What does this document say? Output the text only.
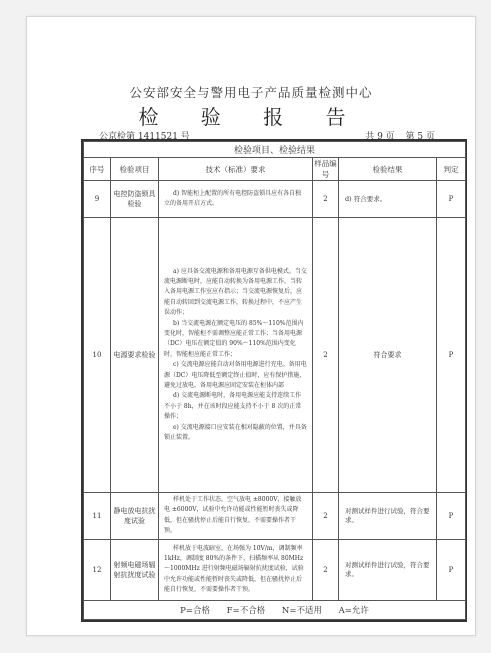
公安部安全与警用电子产品质量检测中心
检 验 报 告
公京检第 1411521 号	共 9 页 第 5 页
检验项目、检验结果					
序号	检验项目	技术（标准）要求	样品编号	检验结果	判定
9	电控防盗锁具检验	d) 智能柜上配置的所有电控防盗锁具应有各自独立的备用开启方式。	2	d) 符合要求。	P
10	电源要求检验	a) 应具备交流电源和备用电源互备供电模式。当交流电源断电时，应能自动转换为备用电源工作，当转入备用电源工作室应有指示；当交流电源恢复后，应能自动转回到交流电源工作，转换过程中，不应产生误动作；

b) 当交流电源在额定电压的 85%～110%范围内变化时，智能柜不需调整应能正常工作；当备用电源（DC）电压在额定值的 90%～110%范围内变化时，智能柜应能正常工作；

c) 交流电源应能自动对备用电源进行充电。备用电源（DC）电压降低至额定终止值时，应有保护措施，避免过放电。备用电源应固定安装在柜体内部

d) 交流电源断电时，备用电源应能支持连续工作不小于 8h，并在该时段应能支持不小于 8 次的正常操作；

e) 交流电源接口应安装在相对隐蔽的位置，并具备锁止装置。	2	符合要求	P
11	静电放电抗扰度试验	样机处于工作状态，空气放电 ±8000V，接触放电 ±6000V，试验中允许功能或性能暂时丧失或降低，但在骚扰停止后能自行恢复，不需要操作者干预。	2	对测试样件进行试验，符合要求。	P
12	射频电磁场辐射抗扰度试验	样机放于电波暗室，在场强为 10V/m，调制频率 1kHz，调制度 80%的条件下，扫描频率从 80MHz～1000MHz 进行射频电磁场辐射抗扰度试验，试验中允许功能或性能暂时丧失或降低，但在骚扰停止后能自行恢复，不需要操作者干预。	2	对测试样件进行试验，符合要求。	P
P=合格 F=不合格 N=不适用 A=允许					
